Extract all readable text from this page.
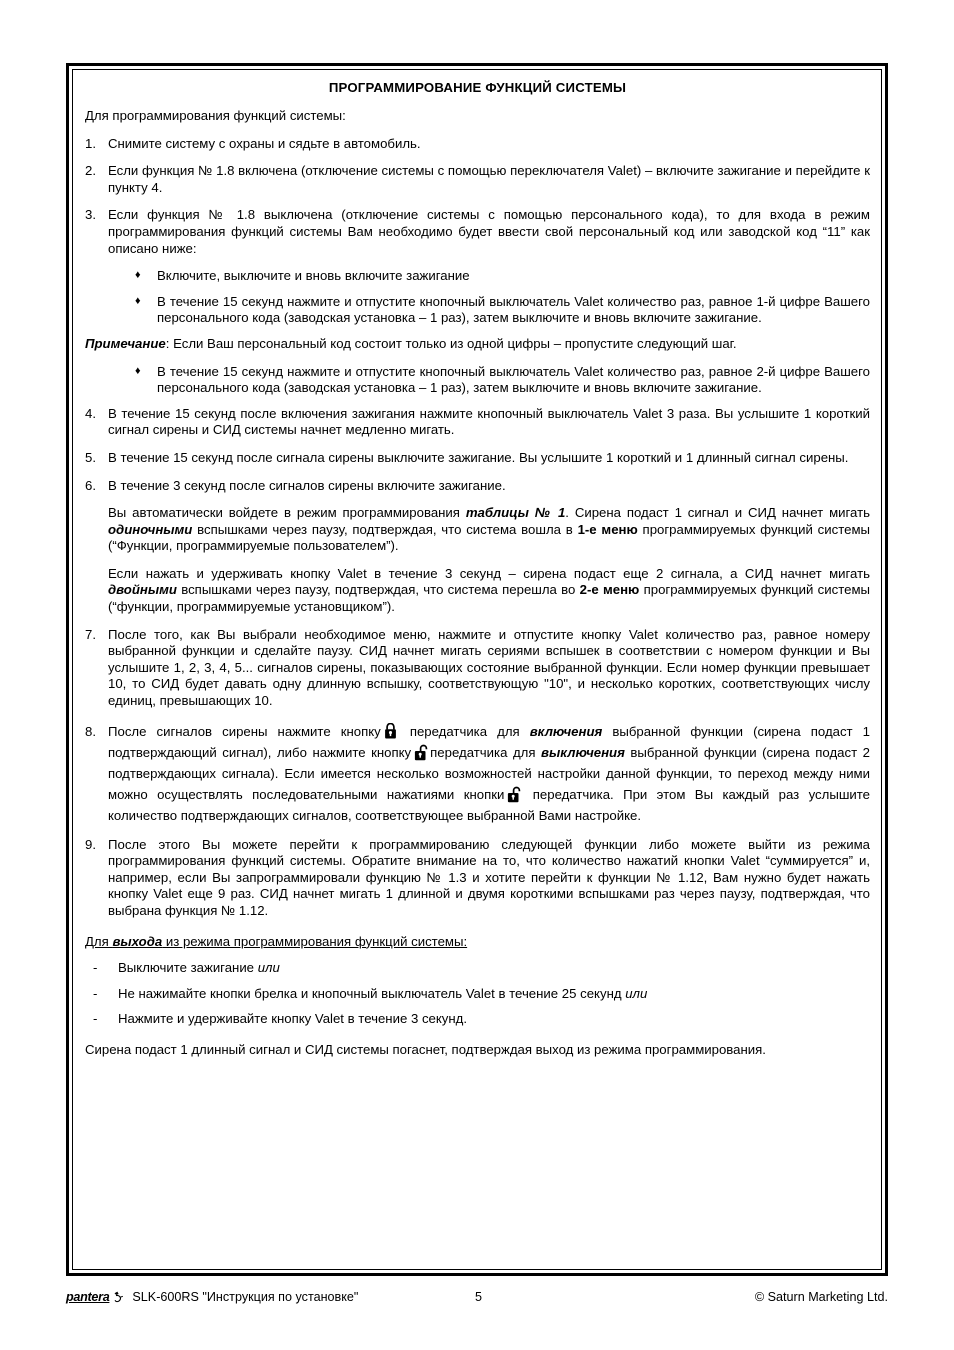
ПРОГРАММИРОВАНИЕ ФУНКЦИЙ СИСТЕМЫ
Для программирования функций системы:
1. Снимите систему с охраны и сядьте в автомобиль.
2. Если функция № 1.8 включена (отключение системы с помощью переключателя Valet) – включите зажигание и перейдите к пункту 4.
3. Если функция № 1.8 выключена (отключение системы с помощью персонального кода), то для входа в режим программирования функций системы Вам необходимо будет ввести свой персональный код или заводской код “11” как описано ниже:
♦ Включите, выключите и вновь включите зажигание
♦ В течение 15 секунд нажмите и отпустите кнопочный выключатель Valet количество раз, равное 1-й цифре Вашего персонального кода (заводская установка – 1 раз), затем выключите и вновь включите зажигание.
Примечание: Если Ваш персональный код состоит только из одной цифры – пропустите следующий шаг.
♦ В течение 15 секунд нажмите и отпустите кнопочный выключатель Valet количество раз, равное 2-й цифре Вашего персонального кода (заводская установка – 1 раз), затем выключите и вновь включите зажигание.
4. В течение 15 секунд после включения зажигания нажмите кнопочный выключатель Valet 3 раза. Вы услышите 1 короткий сигнал сирены и СИД системы начнет медленно мигать.
5. В течение 15 секунд после сигнала сирены выключите зажигание. Вы услышите 1 короткий и 1 длинный сигнал сирены.
6. В течение 3 секунд после сигналов сирены включите зажигание.
Вы автоматически войдете в режим программирования таблицы № 1. Сирена подаст 1 сигнал и СИД начнет мигать одиночными вспышками через паузу, подтверждая, что система вошла в 1-е меню программируемых функций системы (“Функции, программируемые пользователем”).
Если нажать и удерживать кнопку Valet в течение 3 секунд – сирена подаст еще 2 сигнала, а СИД начнет мигать двойными вспышками через паузу, подтверждая, что система перешла во 2-е меню программируемых функций системы (“функции, программируемые установщиком”).
7. После того, как Вы выбрали необходимое меню, нажмите и отпустите кнопку Valet количество раз, равное номеру выбранной функции и сделайте паузу. СИД начнет мигать сериями вспышек в соответствии с номером функции и Вы услышите 1, 2, 3, 4, 5... сигналов сирены, показывающих состояние выбранной функции. Если номер функции превышает 10, то СИД будет давать одну длинную вспышку, соответствующую "10", и несколько коротких, соответствующих числу единиц, превышающих 10.
8. После сигналов сирены нажмите кнопку передатчика для включения выбранной функции (сирена подаст 1 подтверждающий сигнал), либо нажмите кнопку передатчика для выключения выбранной функции (сирена подаст 2 подтверждающих сигнала). Если имеется несколько возможностей настройки данной функции, то переход между ними можно осуществлять последовательными нажатиями кнопки
передатчика. При этом Вы каждый раз услышите количество подтверждающих сигналов, соответствующее выбранной Вами настройке.
9. После этого Вы можете перейти к программированию следующей функции либо можете выйти из режима программирования функций системы. Обратите внимание на то, что количество нажатий кнопки Valet “суммируется” и, например, если Вы запрограммировали функцию № 1.3 и хотите перейти к функции № 1.12, Вам нужно будет нажать кнопку Valet еще 9 раз. СИД начнет мигать 1 длинной и двумя короткими вспышками раз через паузу, подтверждая, что выбрана функция № 1.12.
Для выхода из режима программирования функций системы:
- Выключите зажигание или
- Не нажимайте кнопки брелка и кнопочный выключатель Valet в течение 25 секунд или
- Нажмите и удерживайте кнопку Valet в течение 3 секунд.
Сирена подаст 1 длинный сигнал и СИД системы погаснет, подтверждая выход из режима программирования.
pantera SLK-600RS "Инструкция по установке"	5	© Saturn Marketing Ltd.
